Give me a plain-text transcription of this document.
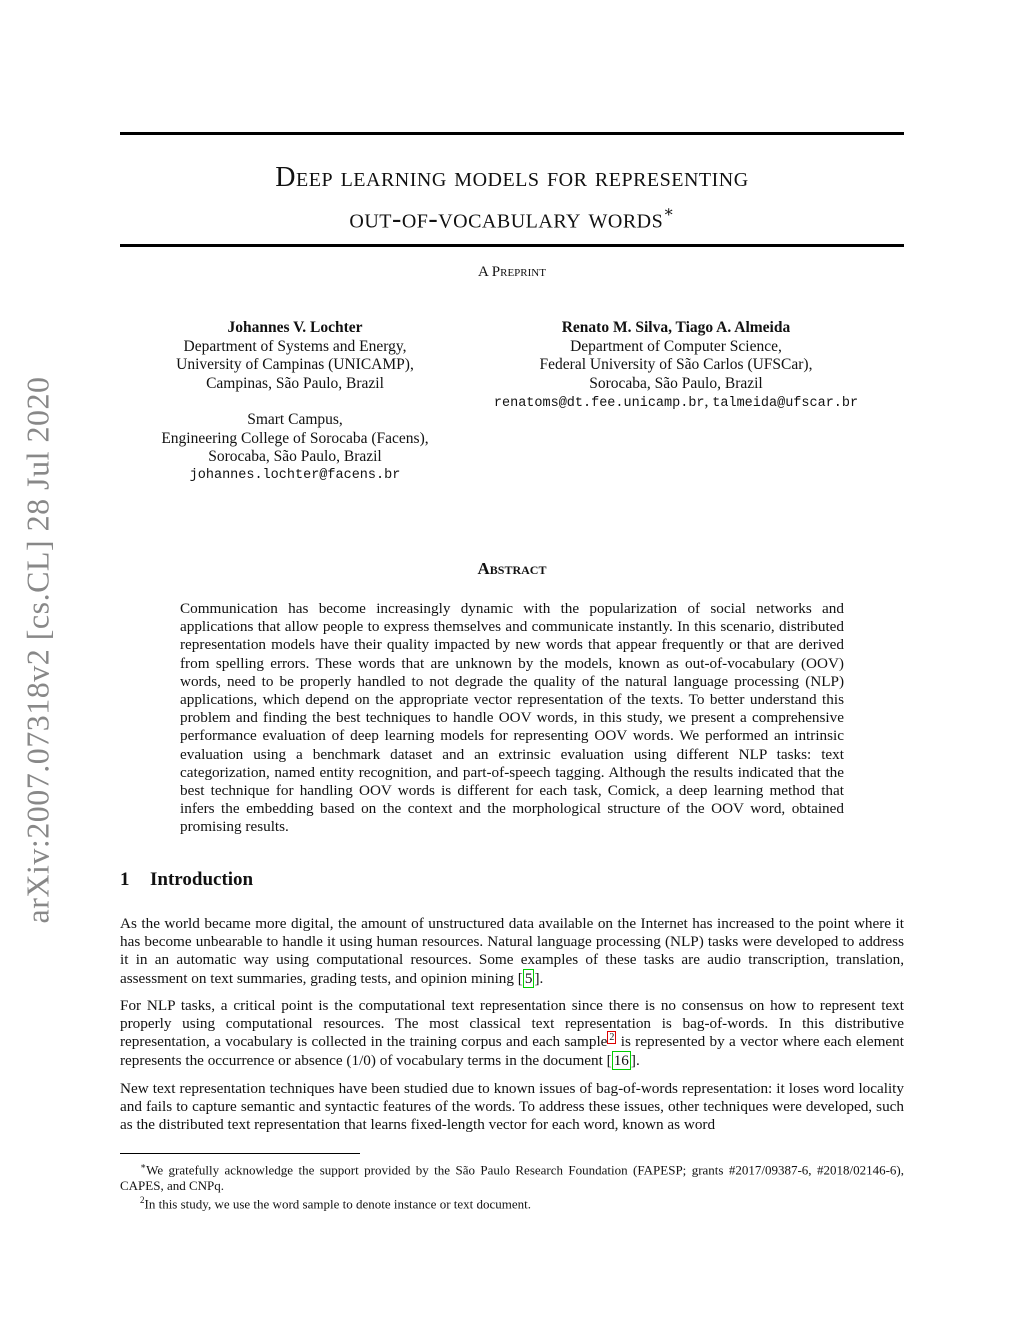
arXiv:2007.07318v2 [cs.CL] 28 Jul 2020
Deep learning models for representing
out-of-vocabulary words∗
A Preprint
Johannes V. Lochter
Department of Systems and Energy,
University of Campinas (UNICAMP),
Campinas, São Paulo, Brazil
Smart Campus,
Engineering College of Sorocaba (Facens),
Sorocaba, São Paulo, Brazil
johannes.lochter@facens.br
Renato M. Silva, Tiago A. Almeida
Department of Computer Science,
Federal University of São Carlos (UFSCar),
Sorocaba, São Paulo, Brazil
renatoms@dt.fee.unicamp.br, talmeida@ufscar.br
Abstract
Communication has become increasingly dynamic with the popularization of social networks and applications that allow people to express themselves and communicate instantly. In this scenario, distributed representation models have their quality impacted by new words that appear frequently or that are derived from spelling errors. These words that are unknown by the models, known as out-of-vocabulary (OOV) words, need to be properly handled to not degrade the quality of the natural language processing (NLP) applications, which depend on the appropriate vector representation of the texts. To better understand this problem and finding the best techniques to handle OOV words, in this study, we present a comprehensive performance evaluation of deep learning models for representing OOV words. We performed an intrinsic evaluation using a benchmark dataset and an extrinsic evaluation using different NLP tasks: text categorization, named entity recognition, and part-of-speech tagging. Although the results indicated that the best technique for handling OOV words is different for each task, Comick, a deep learning method that infers the embedding based on the context and the morphological structure of the OOV word, obtained promising results.
1 Introduction

As the world became more digital, the amount of unstructured data available on the Internet has increased to the point where it has become unbearable to handle it using human resources. Natural language processing (NLP) tasks were developed to address it in an automatic way using computational resources. Some examples of these tasks are audio transcription, translation, assessment on text summaries, grading tests, and opinion mining [ 5 ].

For NLP tasks, a critical point is the computational text representation since there is no consensus on how to represent text properly using computational resources. The most classical text representation is bag-of-words. In this distributive representation, a vocabulary is collected in the training corpus and each sample $^2$ is represented by a vector where each element represents the occurrence or absence (1/0) of vocabulary terms in the document [ 16 ].

New text representation techniques have been studied due to known issues of bag-of-words representation: it loses word locality and fails to capture semantic and syntactic features of the words. To address these issues, other techniques were developed, such as the distributed text representation that learns fixed-length vector for each word, known as word

∗We gratefully acknowledge the support provided by the São Paulo Research Foundation (FAPESP; grants #2017/09387-6, #2018/02146-6), CAPES, and CNPq.
$^2$In this study, we use the word sample to denote instance or text document.
